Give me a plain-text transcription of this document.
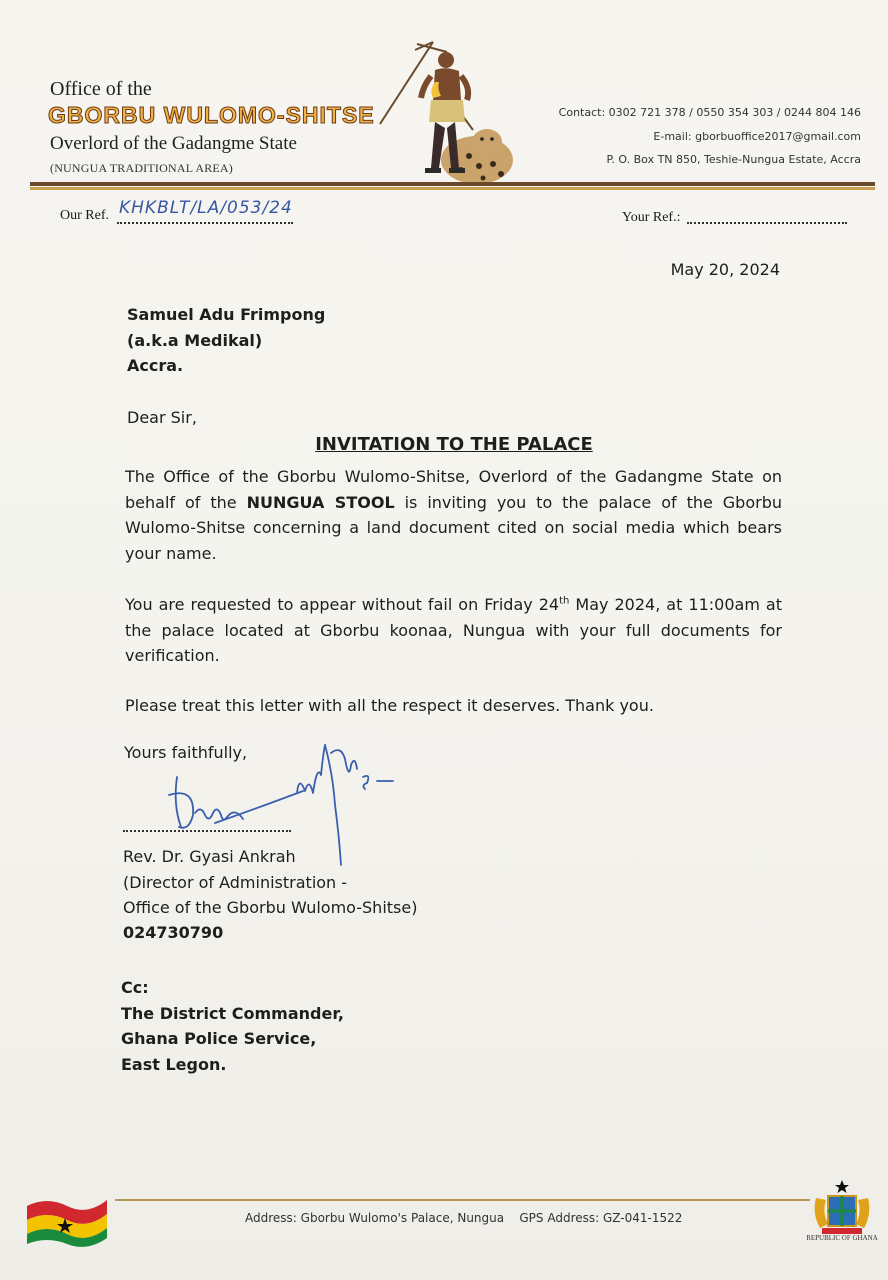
Office of the
GBORBU WULOMO-SHITSE
Overlord of the Gadangme State
(NUNGUA TRADITIONAL AREA)
Contact: 0302 721 378 / 0550 354 303 / 0244 804 146
E-mail: gborbuoffice2017@gmail.com
P. O. Box TN 850, Teshie-Nungua Estate, Accra
Our Ref. KHKBLT/LA/053/24	Your Ref.:
May 20, 2024
Samuel Adu Frimpong
(a.k.a Medikal)
Accra.
Dear Sir,
INVITATION TO THE PALACE
The Office of the Gborbu Wulomo-Shitse, Overlord of the Gadangme State on behalf of the NUNGUA STOOL is inviting you to the palace of the Gborbu Wulomo-Shitse concerning a land document cited on social media which bears your name.
You are requested to appear without fail on Friday 24th May 2024, at 11:00am at the palace located at Gborbu koonaa, Nungua with your full documents for verification.
Please treat this letter with all the respect it deserves. Thank you.
Yours faithfully,
Rev. Dr. Gyasi Ankrah
(Director of Administration -
Office of the Gborbu Wulomo-Shitse)
024730790
Cc:
The District Commander,
Ghana Police Service,
East Legon.
Address: Gborbu Wulomo's Palace, Nungua GPS Address: GZ-041-1522
REPUBLIC OF GHANA
